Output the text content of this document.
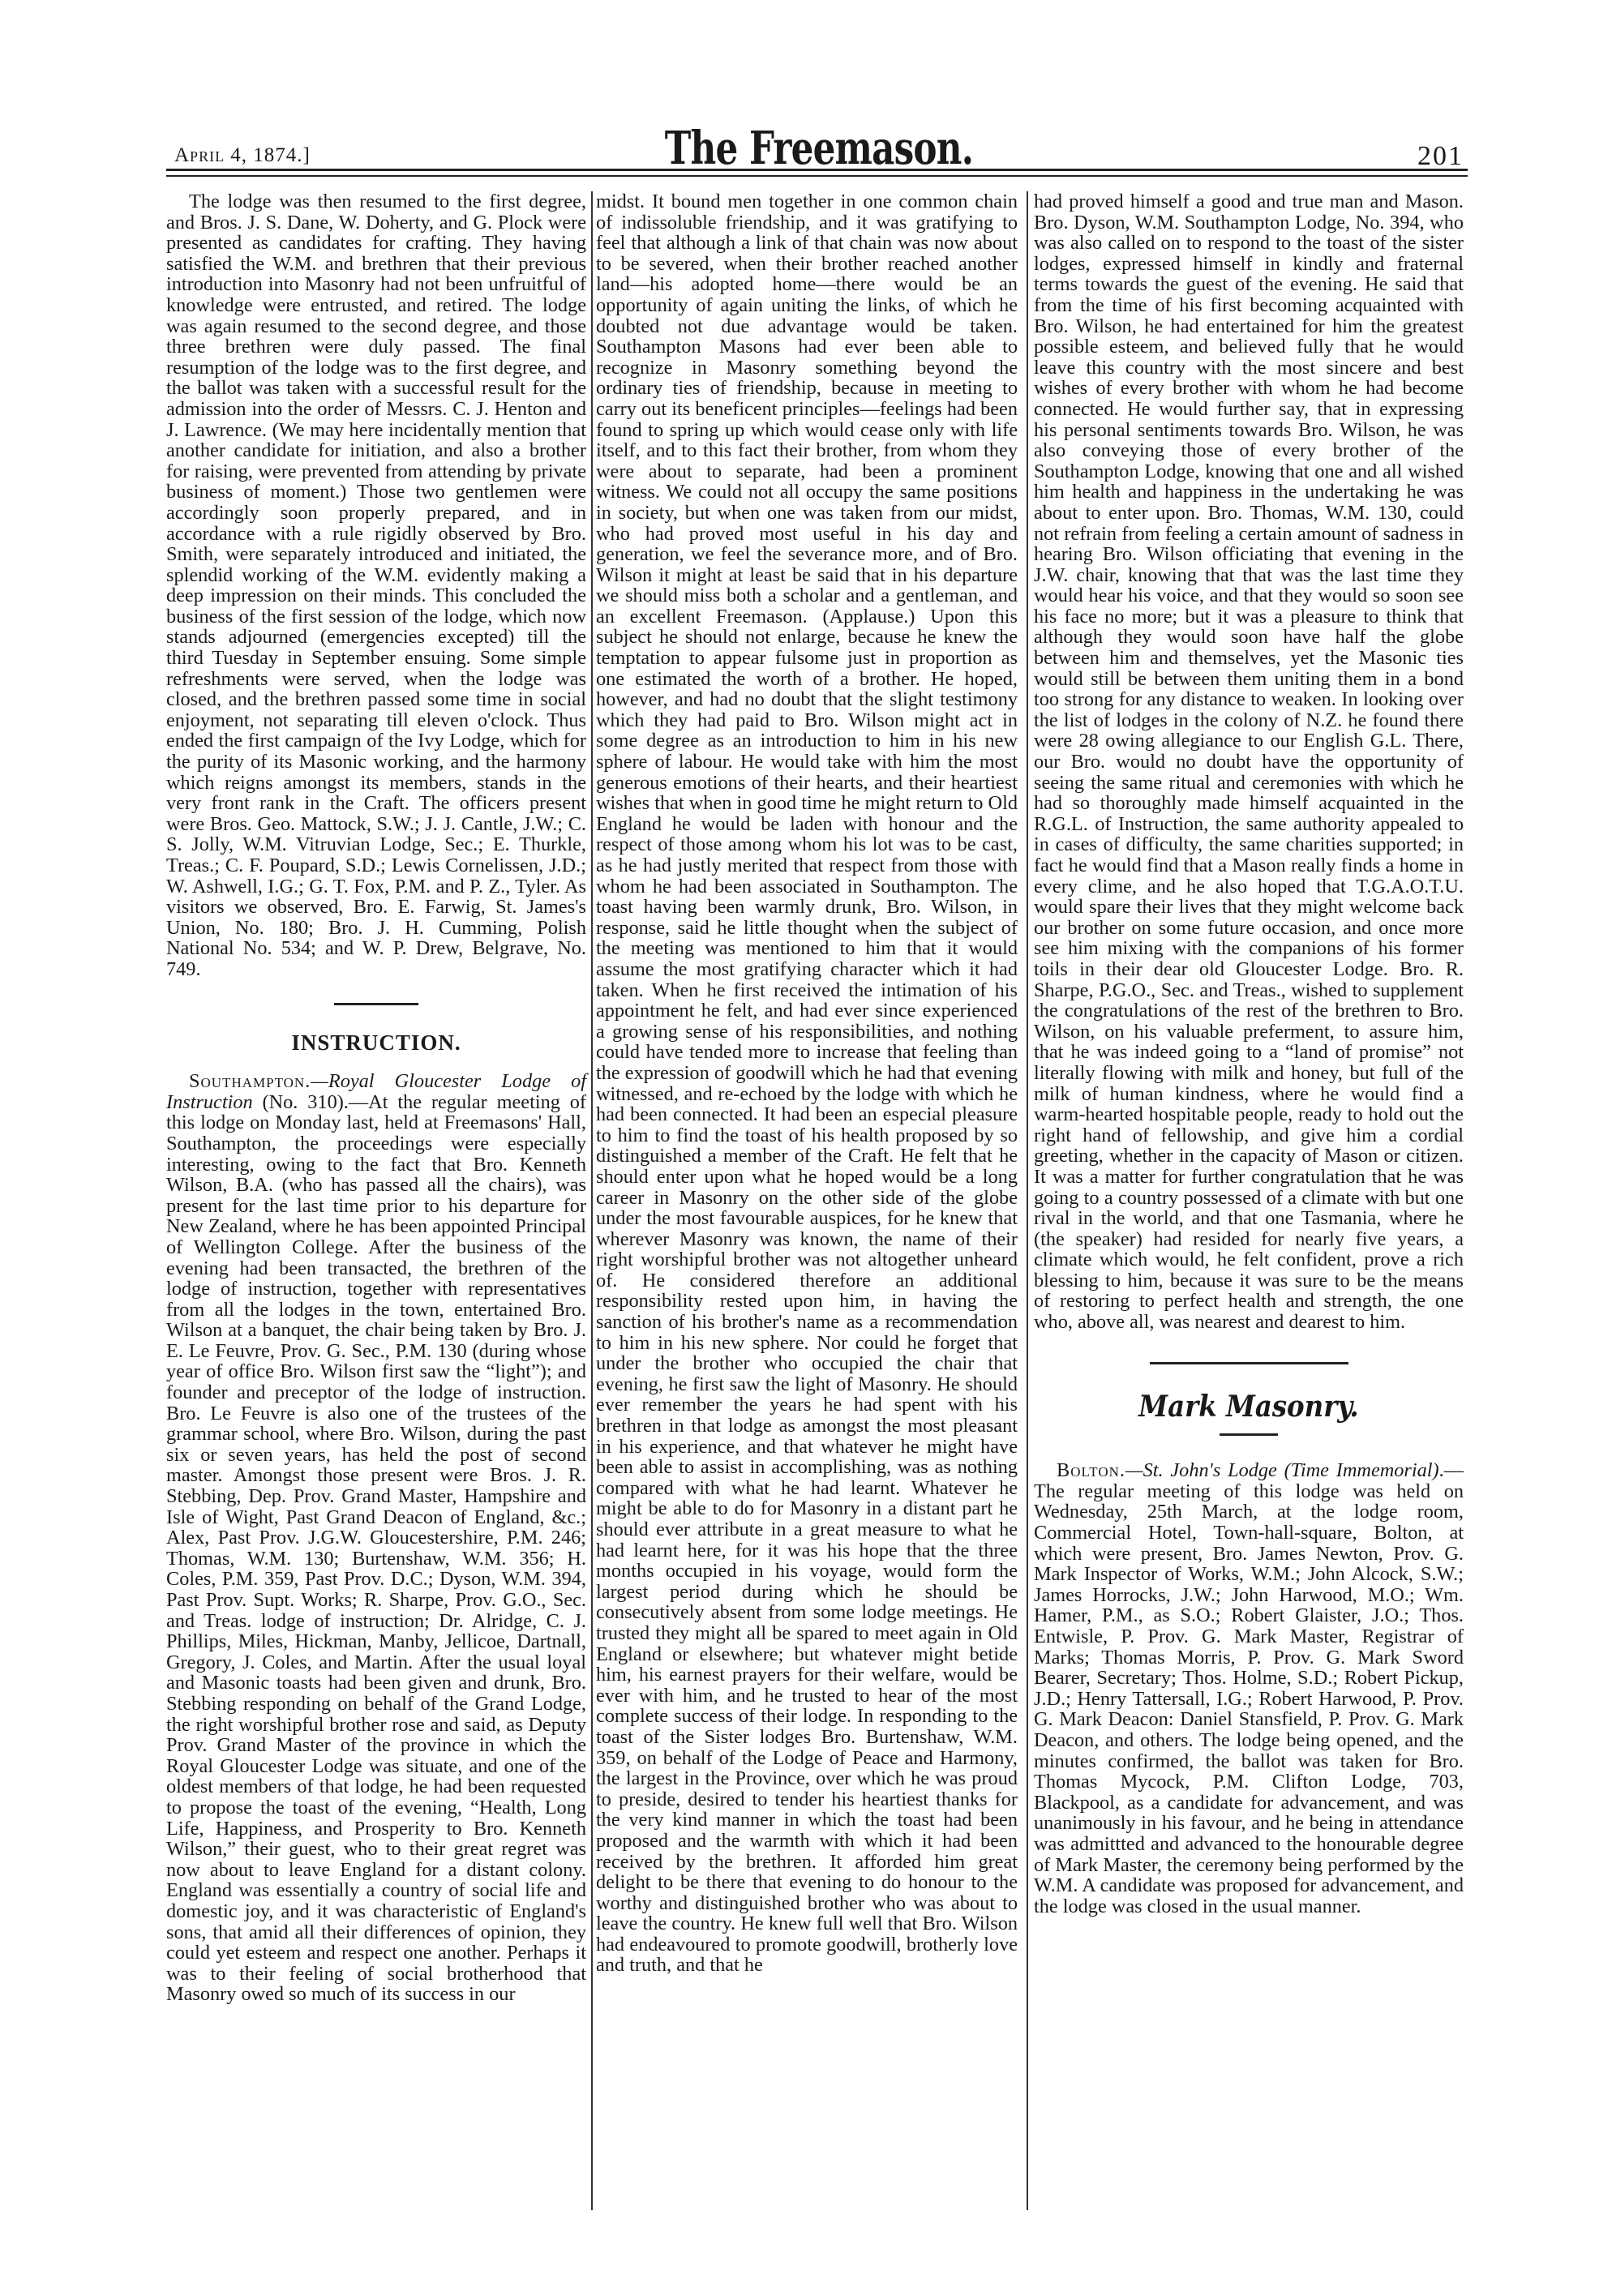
April 4, 1874.]	The Freemason.	201

The lodge was then resumed to the first degree, and Bros. J. S. Dane, W. Doherty, and G. Plock were presented as candidates for crafting. They having satisfied the W.M. and brethren that their previous introduction into Masonry had not been unfruitful of knowledge were entrusted, and retired. The lodge was again resumed to the second degree, and those three brethren were duly passed. The final resumption of the lodge was to the first degree, and the ballot was taken with a successful result for the admission into the order of Messrs. C. J. Henton and J. Lawrence. (We may here incidentally mention that another candidate for initiation, and also a brother for raising, were prevented from attending by private business of moment.) Those two gentlemen were accordingly soon properly prepared, and in accordance with a rule rigidly observed by Bro. Smith, were separately introduced and initiated, the splendid working of the W.M. evidently making a deep impression on their minds. This concluded the business of the first session of the lodge, which now stands adjourned (emergencies excepted) till the third Tuesday in September ensuing. Some simple refreshments were served, when the lodge was closed, and the brethren passed some time in social enjoyment, not separating till eleven o'clock. Thus ended the first campaign of the Ivy Lodge, which for the purity of its Masonic working, and the harmony which reigns amongst its members, stands in the very front rank in the Craft. The officers present were Bros. Geo. Mattock, S.W.; J. J. Cantle, J.W.; C. S. Jolly, W.M. Vitruvian Lodge, Sec.; E. Thurkle, Treas.; C. F. Poupard, S.D.; Lewis Cornelissen, J.D.; W. Ashwell, I.G.; G. T. Fox, P.M. and P. Z., Tyler. As visitors we observed, Bro. E. Farwig, St. James's Union, No. 180; Bro. J. H. Cumming, Polish National No. 534; and W. P. Drew, Belgrave, No. 749.

INSTRUCTION.

Southampton.—Royal Gloucester Lodge of Instruction (No. 310).—At the regular meeting of this lodge on Monday last, held at Freemasons' Hall, Southampton, the proceedings were especially interesting, owing to the fact that Bro. Kenneth Wilson, B.A. (who has passed all the chairs), was present for the last time prior to his departure for New Zealand, where he has been appointed Principal of Wellington College. After the business of the evening had been transacted, the brethren of the lodge of instruction, together with representatives from all the lodges in the town, entertained Bro. Wilson at a banquet, the chair being taken by Bro. J. E. Le Feuvre, Prov. G. Sec., P.M. 130 (during whose year of office Bro. Wilson first saw the “light”); and founder and preceptor of the lodge of instruction. Bro. Le Feuvre is also one of the trustees of the grammar school, where Bro. Wilson, during the past six or seven years, has held the post of second master. Amongst those present were Bros. J. R. Stebbing, Dep. Prov. Grand Master, Hampshire and Isle of Wight, Past Grand Deacon of England, &c.; Alex, Past Prov. J.G.W. Gloucestershire, P.M. 246; Thomas, W.M. 130; Burtenshaw, W.M. 356; H. Coles, P.M. 359, Past Prov. D.C.; Dyson, W.M. 394, Past Prov. Supt. Works; R. Sharpe, Prov. G.O., Sec. and Treas. lodge of instruction; Dr. Alridge, C. J. Phillips, Miles, Hickman, Manby, Jellicoe, Dartnall, Gregory, J. Coles, and Martin. After the usual loyal and Masonic toasts had been given and drunk, Bro. Stebbing responding on behalf of the Grand Lodge, the right worshipful brother rose and said, as Deputy Prov. Grand Master of the province in which the Royal Gloucester Lodge was situate, and one of the oldest members of that lodge, he had been requested to propose the toast of the evening, “Health, Long Life, Happiness, and Prosperity to Bro. Kenneth Wilson,” their guest, who to their great regret was now about to leave England for a distant colony. England was essentially a country of social life and domestic joy, and it was characteristic of England's sons, that amid all their differences of opinion, they could yet esteem and respect one another. Perhaps it was to their feeling of social brotherhood that Masonry owed so much of its success in our

midst. It bound men together in one common chain of indissoluble friendship, and it was gratifying to feel that although a link of that chain was now about to be severed, when their brother reached another land—his adopted home—there would be an opportunity of again uniting the links, of which he doubted not due advantage would be taken. Southampton Masons had ever been able to recognize in Masonry something beyond the ordinary ties of friendship, because in meeting to carry out its beneficent principles—feelings had been found to spring up which would cease only with life itself, and to this fact their brother, from whom they were about to separate, had been a prominent witness. We could not all occupy the same positions in society, but when one was taken from our midst, who had proved most useful in his day and generation, we feel the severance more, and of Bro. Wilson it might at least be said that in his departure we should miss both a scholar and a gentleman, and an excellent Freemason. (Applause.) Upon this subject he should not enlarge, because he knew the temptation to appear fulsome just in proportion as one estimated the worth of a brother. He hoped, however, and had no doubt that the slight testimony which they had paid to Bro. Wilson might act in some degree as an introduction to him in his new sphere of labour. He would take with him the most generous emotions of their hearts, and their heartiest wishes that when in good time he might return to Old England he would be laden with honour and the respect of those among whom his lot was to be cast, as he had justly merited that respect from those with whom he had been associated in Southampton. The toast having been warmly drunk, Bro. Wilson, in response, said he little thought when the subject of the meeting was mentioned to him that it would assume the most gratifying character which it had taken. When he first received the intimation of his appointment he felt, and had ever since experienced a growing sense of his responsibilities, and nothing could have tended more to increase that feeling than the expression of goodwill which he had that evening witnessed, and re-echoed by the lodge with which he had been connected. It had been an especial pleasure to him to find the toast of his health proposed by so distinguished a member of the Craft. He felt that he should enter upon what he hoped would be a long career in Masonry on the other side of the globe under the most favourable auspices, for he knew that wherever Masonry was known, the name of their right worshipful brother was not altogether unheard of. He considered therefore an additional responsibility rested upon him, in having the sanction of his brother's name as a recommendation to him in his new sphere. Nor could he forget that under the brother who occupied the chair that evening, he first saw the light of Masonry. He should ever remember the years he had spent with his brethren in that lodge as amongst the most pleasant in his experience, and that whatever he might have been able to assist in accomplishing, was as nothing compared with what he had learnt. Whatever he might be able to do for Masonry in a distant part he should ever attribute in a great measure to what he had learnt here, for it was his hope that the three months occupied in his voyage, would form the largest period during which he should be consecutively absent from some lodge meetings. He trusted they might all be spared to meet again in Old England or elsewhere; but whatever might betide him, his earnest prayers for their welfare, would be ever with him, and he trusted to hear of the most complete success of their lodge. In responding to the toast of the Sister lodges Bro. Burtenshaw, W.M. 359, on behalf of the Lodge of Peace and Harmony, the largest in the Province, over which he was proud to preside, desired to tender his heartiest thanks for the very kind manner in which the toast had been proposed and the warmth with which it had been received by the brethren. It afforded him great delight to be there that evening to do honour to the worthy and distinguished brother who was about to leave the country. He knew full well that Bro. Wilson had endeavoured to promote goodwill, brotherly love and truth, and that he

had proved himself a good and true man and Mason. Bro. Dyson, W.M. Southampton Lodge, No. 394, who was also called on to respond to the toast of the sister lodges, expressed himself in kindly and fraternal terms towards the guest of the evening. He said that from the time of his first becoming acquainted with Bro. Wilson, he had entertained for him the greatest possible esteem, and believed fully that he would leave this country with the most sincere and best wishes of every brother with whom he had become connected. He would further say, that in expressing his personal sentiments towards Bro. Wilson, he was also conveying those of every brother of the Southampton Lodge, knowing that one and all wished him health and happiness in the undertaking he was about to enter upon. Bro. Thomas, W.M. 130, could not refrain from feeling a certain amount of sadness in hearing Bro. Wilson officiating that evening in the J.W. chair, knowing that that was the last time they would hear his voice, and that they would so soon see his face no more; but it was a pleasure to think that although they would soon have half the globe between him and themselves, yet the Masonic ties would still be between them uniting them in a bond too strong for any distance to weaken. In looking over the list of lodges in the colony of N.Z. he found there were 28 owing allegiance to our English G.L. There, our Bro. would no doubt have the opportunity of seeing the same ritual and ceremonies with which he had so thoroughly made himself acquainted in the R.G.L. of Instruction, the same authority appealed to in cases of difficulty, the same charities supported; in fact he would find that a Mason really finds a home in every clime, and he also hoped that T.G.A.O.T.U. would spare their lives that they might welcome back our brother on some future occasion, and once more see him mixing with the companions of his former toils in their dear old Gloucester Lodge. Bro. R. Sharpe, P.G.O., Sec. and Treas., wished to supplement the congratulations of the rest of the brethren to Bro. Wilson, on his valuable preferment, to assure him, that he was indeed going to a “land of promise” not literally flowing with milk and honey, but full of the milk of human kindness, where he would find a warm-hearted hospitable people, ready to hold out the right hand of fellowship, and give him a cordial greeting, whether in the capacity of Mason or citizen. It was a matter for further congratulation that he was going to a country possessed of a climate with but one rival in the world, and that one Tasmania, where he (the speaker) had resided for nearly five years, a climate which would, he felt confident, prove a rich blessing to him, because it was sure to be the means of restoring to perfect health and strength, the one who, above all, was nearest and dearest to him.

Mark Masonry.

Bolton.—St. John's Lodge (Time Immemorial).—The regular meeting of this lodge was held on Wednesday, 25th March, at the lodge room, Commercial Hotel, Town-hall-square, Bolton, at which were present, Bro. James Newton, Prov. G. Mark Inspector of Works, W.M.; John Alcock, S.W.; James Horrocks, J.W.; John Harwood, M.O.; Wm. Hamer, P.M., as S.O.; Robert Glaister, J.O.; Thos. Entwisle, P. Prov. G. Mark Master, Registrar of Marks; Thomas Morris, P. Prov. G. Mark Sword Bearer, Secretary; Thos. Holme, S.D.; Robert Pickup, J.D.; Henry Tattersall, I.G.; Robert Harwood, P. Prov. G. Mark Deacon: Daniel Stansfield, P. Prov. G. Mark Deacon, and others. The lodge being opened, and the minutes confirmed, the ballot was taken for Bro. Thomas Mycock, P.M. Clifton Lodge, 703, Blackpool, as a candidate for advancement, and was unanimously in his favour, and he being in attendance was admittted and advanced to the honourable degree of Mark Master, the ceremony being performed by the W.M. A candidate was proposed for advancement, and the lodge was closed in the usual manner.
